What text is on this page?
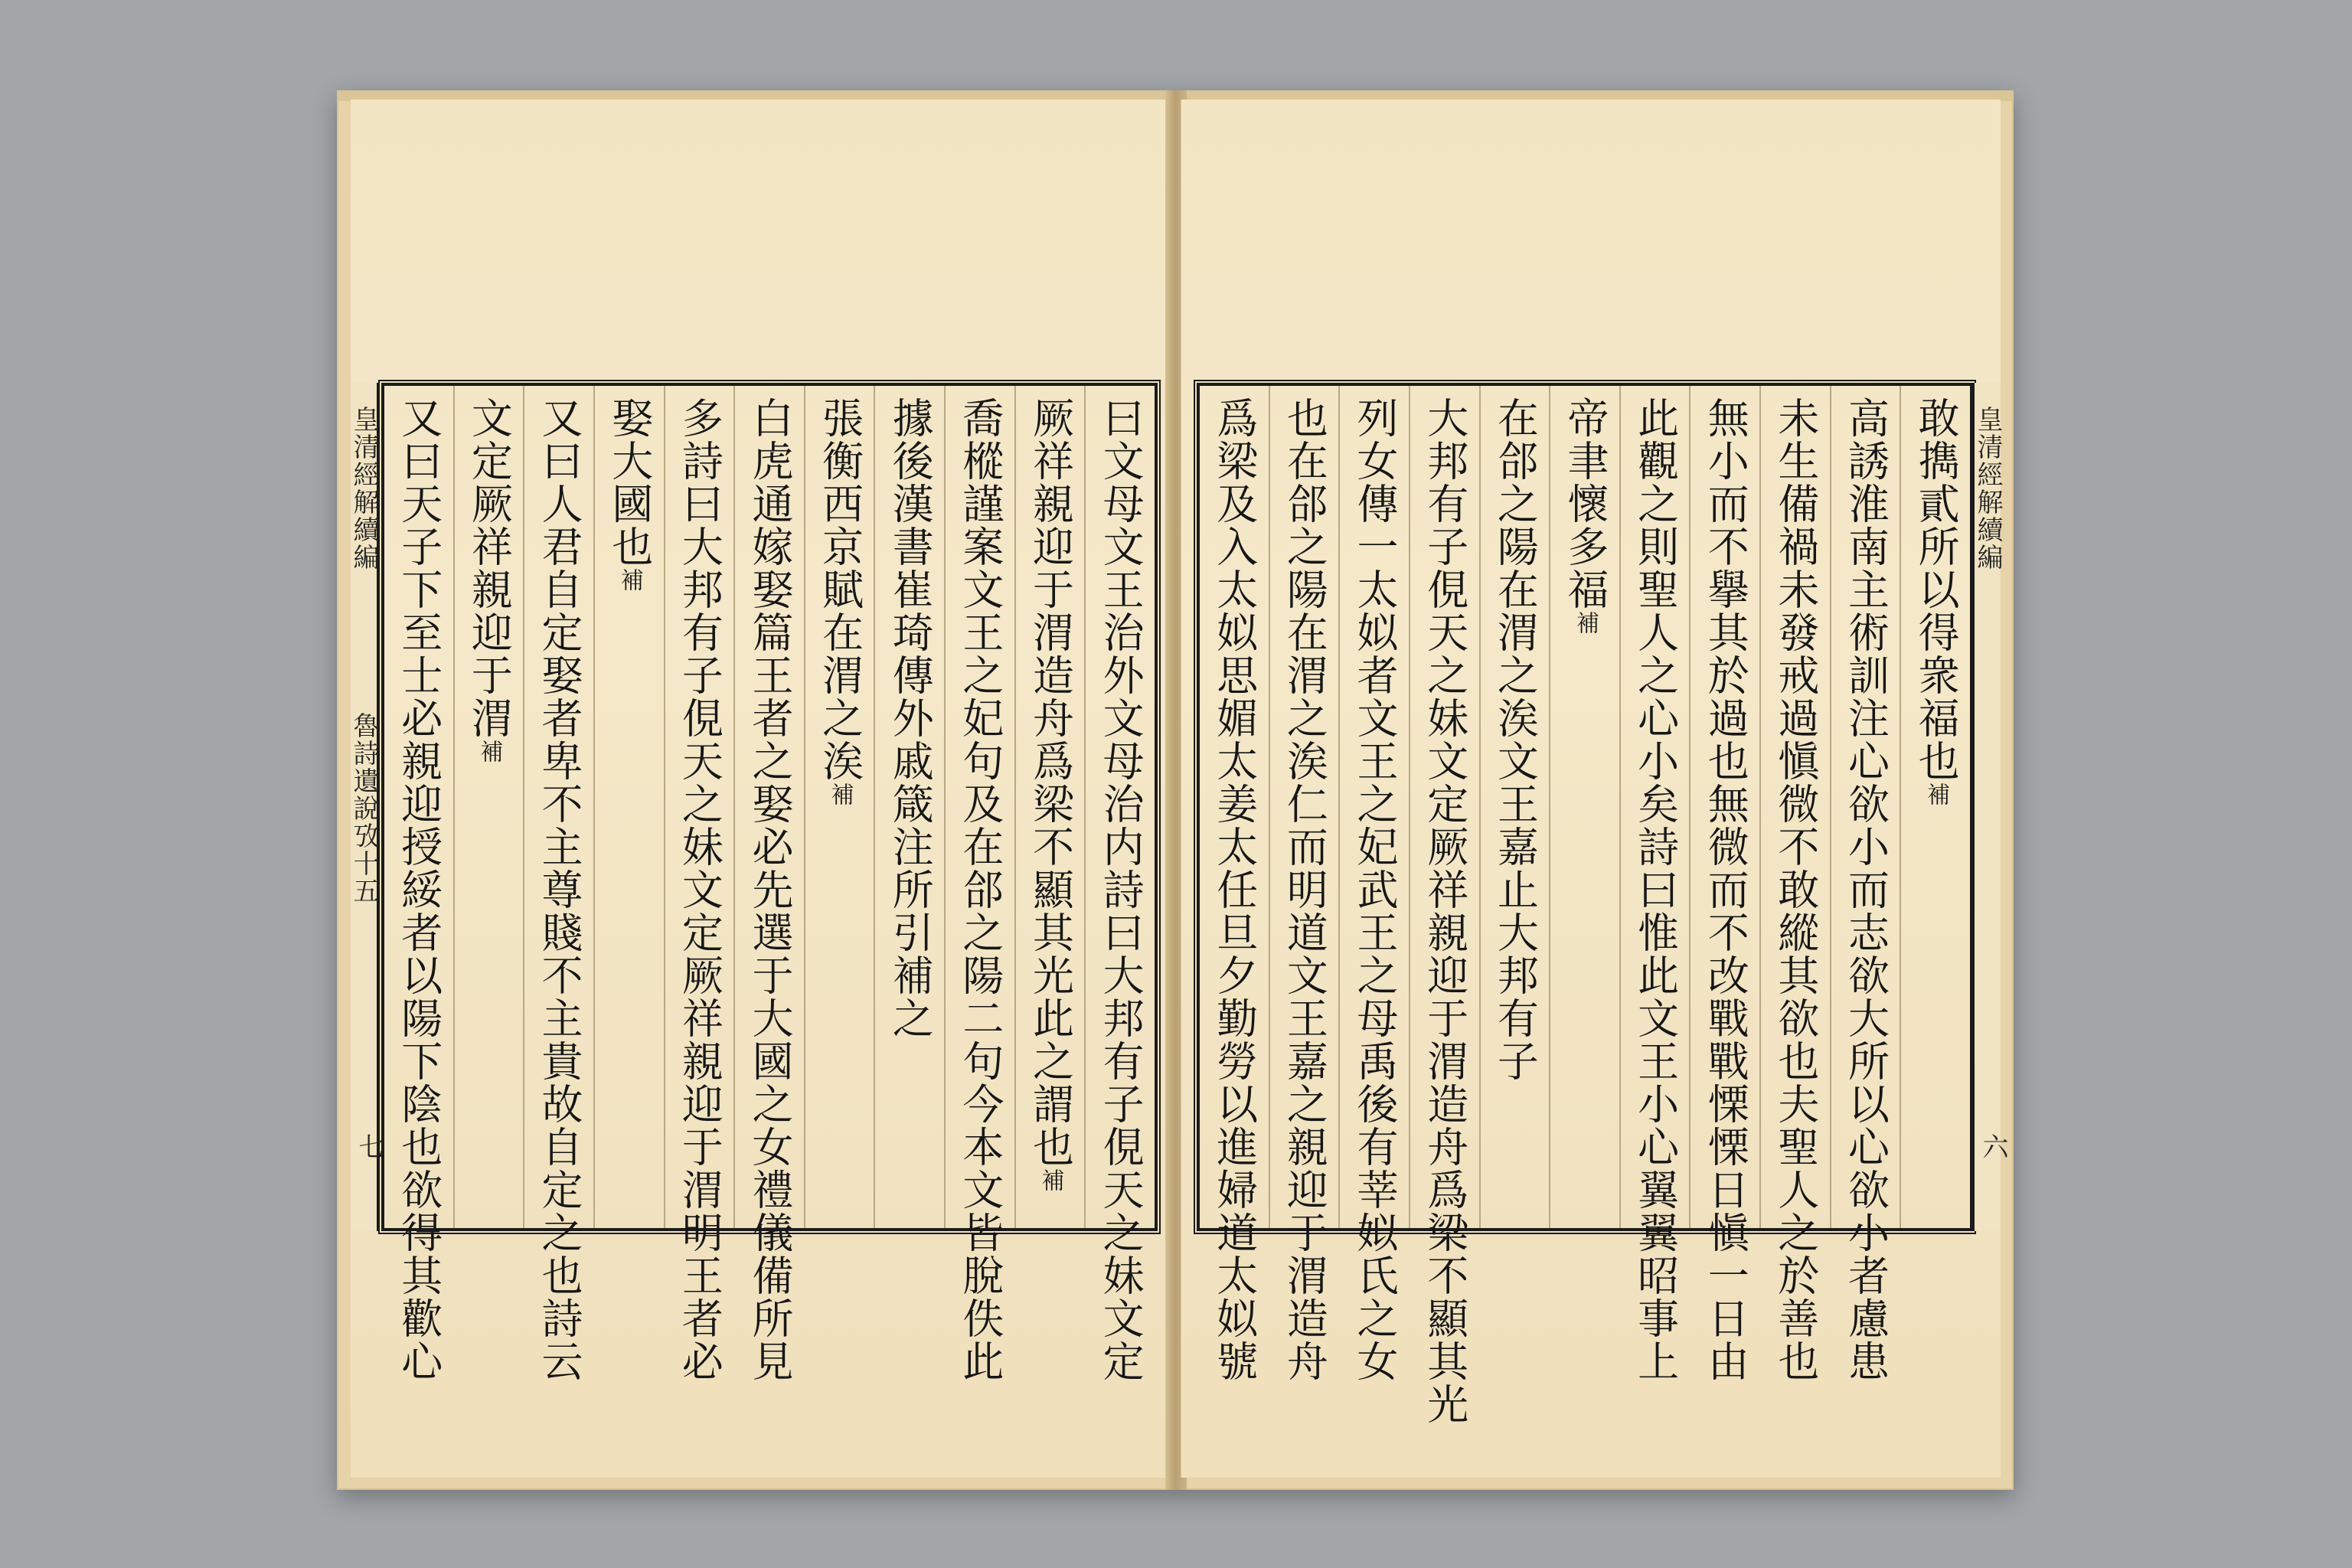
曰文母文王治外文母治内詩曰大邦有子俔天之妹文定
厥祥親迎于渭造舟爲梁不顯其光此之謂也補
喬樅謹案文王之妃句及在郃之陽二句今本文皆脫佚此
據後漢書崔琦傳外戚箴注所引補之
張衡西京賦在渭之涘補
白虎通嫁娶篇王者之娶必先選于大國之女禮儀備所見
多詩曰大邦有子俔天之妹文定厥祥親迎于渭明王者必
娶大國也補
又曰人君自定娶者卑不主尊賤不主貴故自定之也詩云
文定厥祥親迎于渭補
又曰天子下至士必親迎授綏者以陽下陰也欲得其歡心
皇清經解續編
魯詩遺說攷十五
七
敢擕貳所以得衆福也補
高誘淮南主術訓注心欲小而志欲大所以心欲小者慮患
未生備禍未發戒過愼微不敢縱其欲也夫聖人之於善也
無小而不擧其於過也無微而不改戰戰慄慄日愼一日由
此觀之則聖人之心小矣詩曰惟此文王小心翼翼昭事上
帝聿懷多福補
在郃之陽在渭之涘文王嘉止大邦有子
大邦有子俔天之妹文定厥祥親迎于渭造舟爲梁不顯其光
列女傳一太姒者文王之妃武王之母禹後有莘姒氏之女
也在郃之陽在渭之涘仁而明道文王嘉之親迎于渭造舟
爲梁及入太姒思媚太姜太任旦夕勤勞以進婦道太姒號	皇清經解續編
六
